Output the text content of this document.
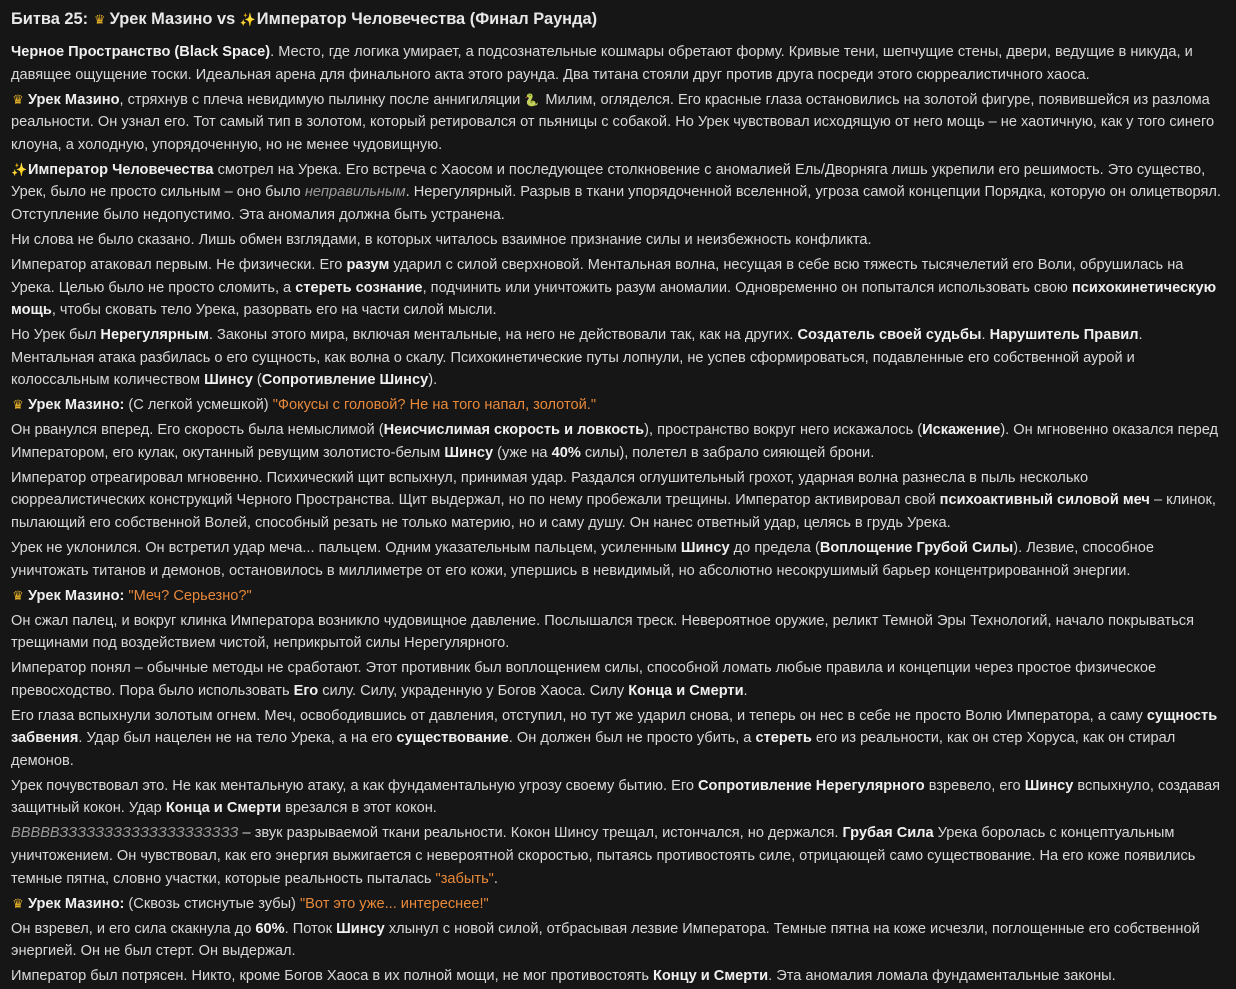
Битва 25: ♛ Урек Мазино vs ✨Император Человечества (Финал Раунда)

Черное Пространство (Black Space). Место, где логика умирает, а подсознательные кошмары обретают форму. Кривые тени, шепчущие стены, двери, ведущие в никуда, и давящее ощущение тоски. Идеальная арена для финального акта этого раунда. Два титана стояли друг против друга посреди этого сюрреалистичного хаоса.

♛ Урек Мазино, стряхнув с плеча невидимую пылинку после аннигиляции 🐍 Милим, огляделся. Его красные глаза остановились на золотой фигуре, появившейся из разлома реальности. Он узнал его. Тот самый тип в золотом, который ретировался от пьяницы с собакой. Но Урек чувствовал исходящую от него мощь – не хаотичную, как у того синего клоуна, а холодную, упорядоченную, но не менее чудовищную.

✨Император Человечества смотрел на Урека. Его встреча с Хаосом и последующее столкновение с аномалией Ель/Дворняга лишь укрепили его решимость. Это существо, Урек, было не просто сильным – оно было неправильным. Нерегулярный. Разрыв в ткани упорядоченной вселенной, угроза самой концепции Порядка, которую он олицетворял. Отступление было недопустимо. Эта аномалия должна быть устранена.

Ни слова не было сказано. Лишь обмен взглядами, в которых читалось взаимное признание силы и неизбежность конфликта.

Император атаковал первым. Не физически. Его разум ударил с силой сверхновой. Ментальная волна, несущая в себе всю тяжесть тысячелетий его Воли, обрушилась на Урека. Целью было не просто сломить, а стереть сознание, подчинить или уничтожить разум аномалии. Одновременно он попытался использовать свою психокинетическую мощь, чтобы сковать тело Урека, разорвать его на части силой мысли.

Но Урек был Нерегулярным. Законы этого мира, включая ментальные, на него не действовали так, как на других. Создатель своей судьбы. Нарушитель Правил. Ментальная атака разбилась о его сущность, как волна о скалу. Психокинетические путы лопнули, не успев сформироваться, подавленные его собственной аурой и колоссальным количеством Шинсу (Сопротивление Шинсу).

♛ Урек Мазино: (С легкой усмешкой) "Фокусы с головой? Не на того напал, золотой."

Он рванулся вперед. Его скорость была немыслимой (Неисчислимая скорость и ловкость), пространство вокруг него искажалось (Искажение). Он мгновенно оказался перед Императором, его кулак, окутанный ревущим золотисто-белым Шинсу (уже на 40% силы), полетел в забрало сияющей брони.

Император отреагировал мгновенно. Психический щит вспыхнул, принимая удар. Раздался оглушительный грохот, ударная волна разнесла в пыль несколько сюрреалистических конструкций Черного Пространства. Щит выдержал, но по нему пробежали трещины. Император активировал свой психоактивный силовой меч – клинок, пылающий его собственной Волей, способный резать не только материю, но и саму душу. Он нанес ответный удар, целясь в грудь Урека.

Урек не уклонился. Он встретил удар меча... пальцем. Одним указательным пальцем, усиленным Шинсу до предела (Воплощение Грубой Силы). Лезвие, способное уничтожать титанов и демонов, остановилось в миллиметре от его кожи, упершись в невидимый, но абсолютно несокрушимый барьер концентрированной энергии.

♛ Урек Мазино: "Меч? Серьезно?"

Он сжал палец, и вокруг клинка Императора возникло чудовищное давление. Послышался треск. Невероятное оружие, реликт Темной Эры Технологий, начало покрываться трещинами под воздействием чистой, неприкрытой силы Нерегулярного.

Император понял – обычные методы не сработают. Этот противник был воплощением силы, способной ломать любые правила и концепции через простое физическое превосходство. Пора было использовать Его силу. Силу, украденную у Богов Хаоса. Силу Конца и Смерти.

Его глаза вспыхнули золотым огнем. Меч, освободившись от давления, отступил, но тут же ударил снова, и теперь он нес в себе не просто Волю Императора, а саму сущность забвения. Удар был нацелен не на тело Урека, а на его существование. Он должен был не просто убить, а стереть его из реальности, как он стер Хоруса, как он стирал демонов.

Урек почувствовал это. Не как ментальную атаку, а как фундаментальную угрозу своему бытию. Его Сопротивление Нерегулярного взревело, его Шинсу вспыхнуло, создавая защитный кокон. Удар Конца и Смерти врезался в этот кокон.

ВВВВВЗЗЗЗЗЗЗЗЗЗЗЗЗЗЗЗЗЗЗЗ – звук разрываемой ткани реальности. Кокон Шинсу трещал, истончался, но держался. Грубая Сила Урека боролась с концептуальным уничтожением. Он чувствовал, как его энергия выжигается с невероятной скоростью, пытаясь противостоять силе, отрицающей само существование. На его коже появились темные пятна, словно участки, которые реальность пыталась "забыть".

♛ Урек Мазино: (Сквозь стиснутые зубы) "Вот это уже... интереснее!"

Он взревел, и его сила скакнула до 60%. Поток Шинсу хлынул с новой силой, отбрасывая лезвие Императора. Темные пятна на коже исчезли, поглощенные его собственной энергией. Он не был стерт. Он выдержал.

Император был потрясен. Никто, кроме Богов Хаоса в их полной мощи, не мог противостоять Концу и Смерти. Эта аномалия ломала фундаментальные законы.
